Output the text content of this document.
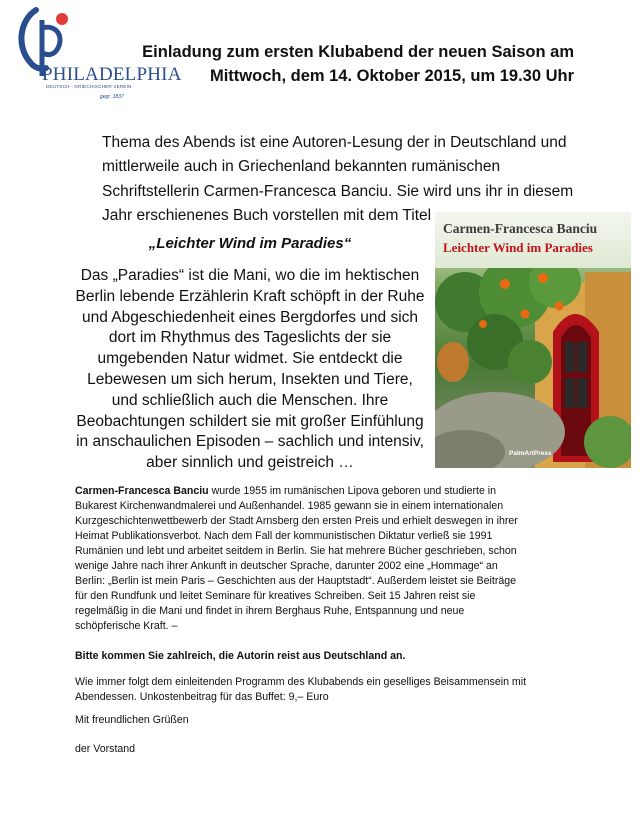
PHILADELPHIA
DEUTSCH - GRIECHISCHER VEREIN
gegr. 1837
Einladung zum ersten Klubabend der neuen Saison am
Mittwoch, dem 14. Oktober 2015, um 19.30 Uhr
Thema des Abends ist eine Autoren-Lesung der in Deutschland und
mittlerweile auch in Griechenland bekannten rumänischen
Schriftstellerin Carmen-Francesca Banciu. Sie wird uns ihr in diesem
Jahr erschienenes Buch vorstellen mit dem Titel
„Leichter Wind im Paradies“
Das „Paradies“ ist die Mani, wo die im hektischen
Berlin lebende Erzählerin Kraft schöpft in der Ruhe
und Abgeschiedenheit eines Bergdorfes und sich
dort im Rhythmus des Tageslichts der sie
umgebenden Natur widmet. Sie entdeckt die
Lebewesen um sich herum, Insekten und Tiere,
und schließlich auch die Menschen. Ihre
Beobachtungen schildert sie mit großer Einfühlung
in anschaulichen Episoden – sachlich und intensiv,
aber sinnlich und geistreich …
Carmen-Francesca Banciu
Leichter Wind im Paradies
PalmArtPress
Carmen-Francesca Banciu wurde 1955 im rumänischen Lipova geboren und studierte in
Bukarest Kirchenwandmalerei und Außenhandel. 1985 gewann sie in einem internationalen
Kurzgeschichtenwettbewerb der Stadt Arnsberg den ersten Preis und erhielt deswegen in ihrer
Heimat Publikationsverbot. Nach dem Fall der kommunistischen Diktatur verließ sie 1991
Rumänien und lebt und arbeitet seitdem in Berlin. Sie hat mehrere Bücher geschrieben, schon
wenige Jahre nach ihrer Ankunft in deutscher Sprache, darunter 2002 eine „Hommage“ an
Berlin: „Berlin ist mein Paris – Geschichten aus der Hauptstadt“. Außerdem leistet sie Beiträge
für den Rundfunk und leitet Seminare für kreatives Schreiben. Seit 15 Jahren reist sie
regelmäßig in die Mani und findet in ihrem Berghaus Ruhe, Entspannung und neue
schöpferische Kraft. –
Bitte kommen Sie zahlreich, die Autorin reist aus Deutschland an.
Wie immer folgt dem einleitenden Programm des Klubabends ein geselliges Beisammensein mit
Abendessen. Unkostenbeitrag für das Buffet: 9,– Euro
Mit freundlichen Grüßen
der Vorstand
